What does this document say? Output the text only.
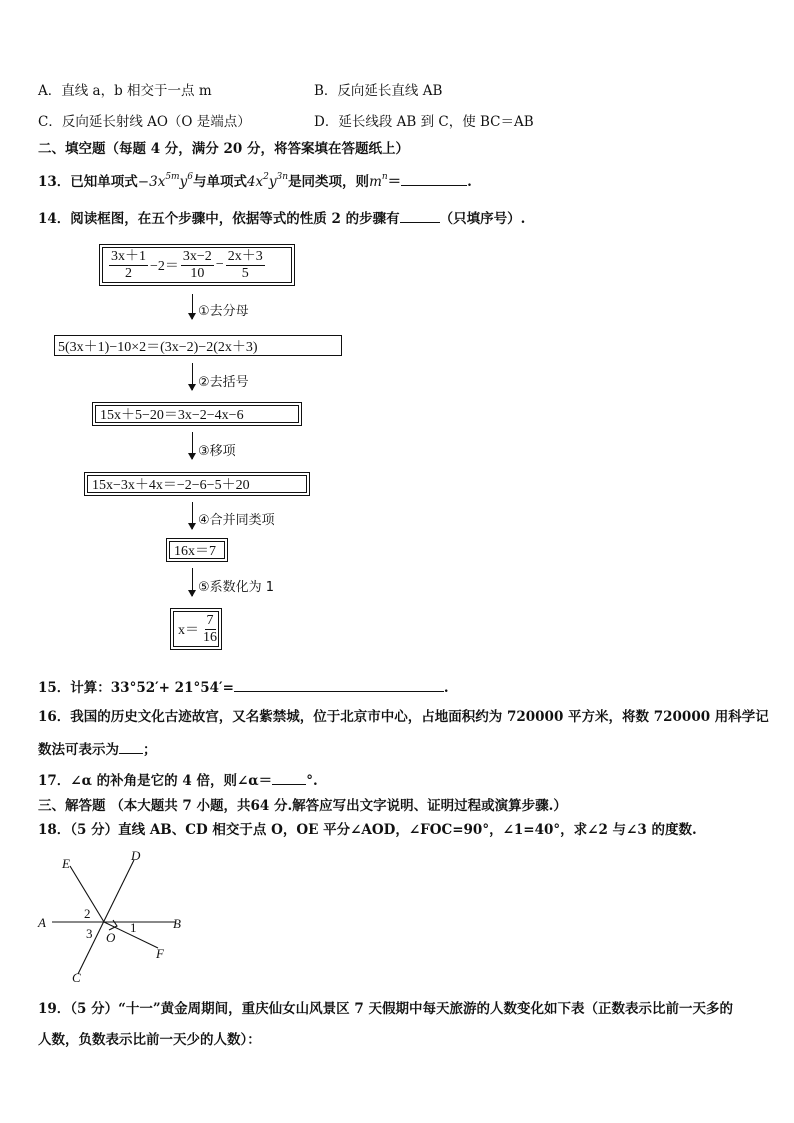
A．直线 a，b 相交于一点 m	B．反向延长直线 AB
C．反向延长射线 AO（O 是端点）	D．延长线段 AB 到 C，使 BC＝AB
二、填空题（每题 4 分，满分 20 分，将答案填在答题纸上）
13．已知单项式$-3x^{5m}y^6$与单项式$4x^2y^{3n}$是同类项，则$m^n=$	.
14．阅读框图，在五个步骤中，依据等式的性质 2 的步骤有	（只填序号）.
$\frac{3x+1}{2} -2= \frac{3x-2}{10} - \frac{2x+3}{5}$
①去分母
5(3x＋1)−10×2＝(3x−2)−2(2x＋3)
②去括号
15x＋5−20＝3x−2−4x−6
③移项
15x−3x＋4x＝−2−6−5＋20
④合并同类项
16x＝7
⑤系数化为 1
$x= \frac{7}{16}$
15．计算：33°52′+ 21°54′=	.
16．我国的历史文化古迹故宫，又名紫禁城，位于北京市中心，占地面积约为 720000 平方米，将数 720000 用科学记
数法可表示为 ；
17．∠α 的补角是它的 4 倍，则∠α＝	°.
三、解答题 （本大题共 7 小题，共64 分.解答应写出文字说明、证明过程或演算步骤.）
18．（5 分）直线 AB、CD 相交于点 O，OE 平分∠AOD，∠FOC=90°，∠1=40°，求∠2 与∠3 的度数.
E
D
A	B
C
F
O
1
2
3
19．（5 分）“十一”黄金周期间，重庆仙女山风景区 7 天假期中每天旅游的人数变化如下表（正数表示比前一天多的
人数，负数表示比前一天少的人数）：
